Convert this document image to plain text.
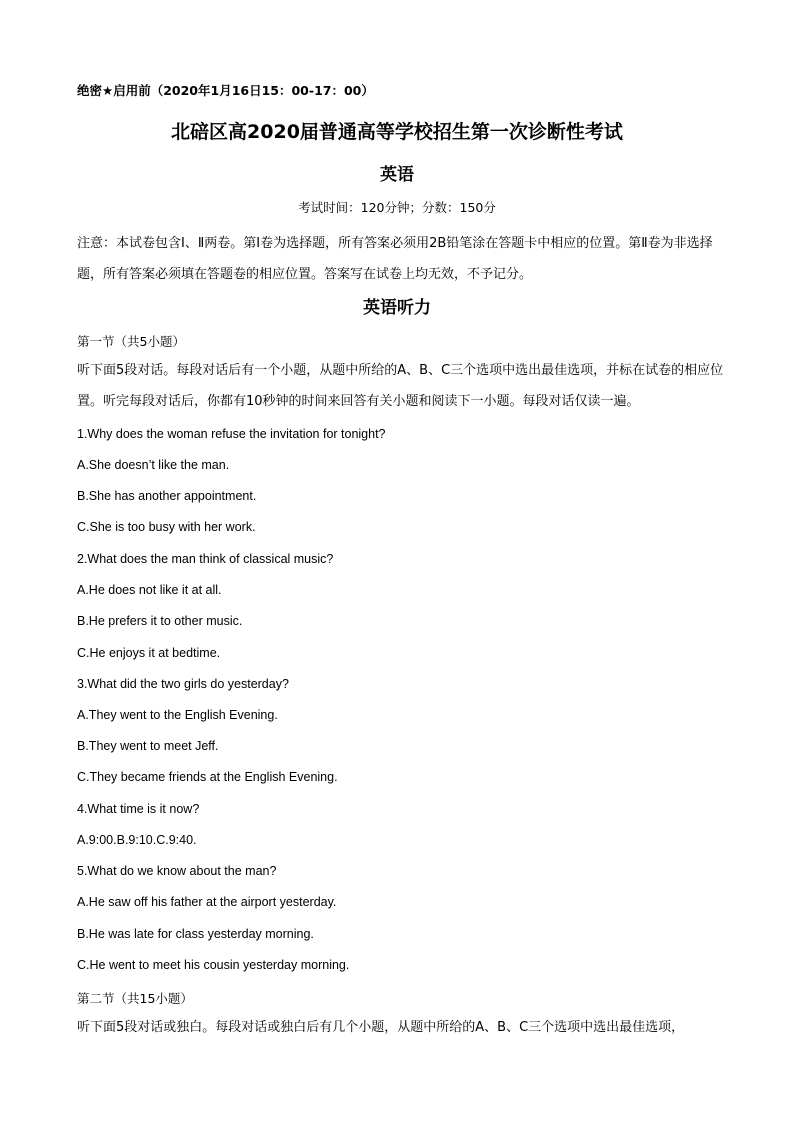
绝密★启用前（2020年1月16日15：00-17：00）
北碚区高2020届普通高等学校招生第一次诊断性考试
英语
考试时间：120分钟；分数：150分
注意：本试卷包含Ⅰ、Ⅱ两卷。第Ⅰ卷为选择题，所有答案必须用2B铅笔涂在答题卡中相应的位置。第Ⅱ卷为非选择题，所有答案必须填在答题卷的相应位置。答案写在试卷上均无效，不予记分。
英语听力
第一节（共5小题）
听下面5段对话。每段对话后有一个小题，从题中所给的A、B、C三个选项中选出最佳选项，并标在试卷的相应位置。听完每段对话后，你都有10秒钟的时间来回答有关小题和阅读下一小题。每段对话仅读一遍。
1.Why does the woman refuse the invitation for tonight?
A.She doesn’t like the man.
B.She has another appointment.
C.She is too busy with her work.
2.What does the man think of classical music?
A.He does not like it at all.
B.He prefers it to other music.
C.He enjoys it at bedtime.
3.What did the two girls do yesterday?
A.They went to the English Evening.
B.They went to meet Jeff.
C.They became friends at the English Evening.
4.What time is it now?
A.9:00.B.9:10.C.9:40.
5.What do we know about the man?
A.He saw off his father at the airport yesterday.
B.He was late for class yesterday morning.
C.He went to meet his cousin yesterday morning.
第二节（共15小题）
听下面5段对话或独白。每段对话或独白后有几个小题，从题中所给的A、B、C三个选项中选出最佳选项，
